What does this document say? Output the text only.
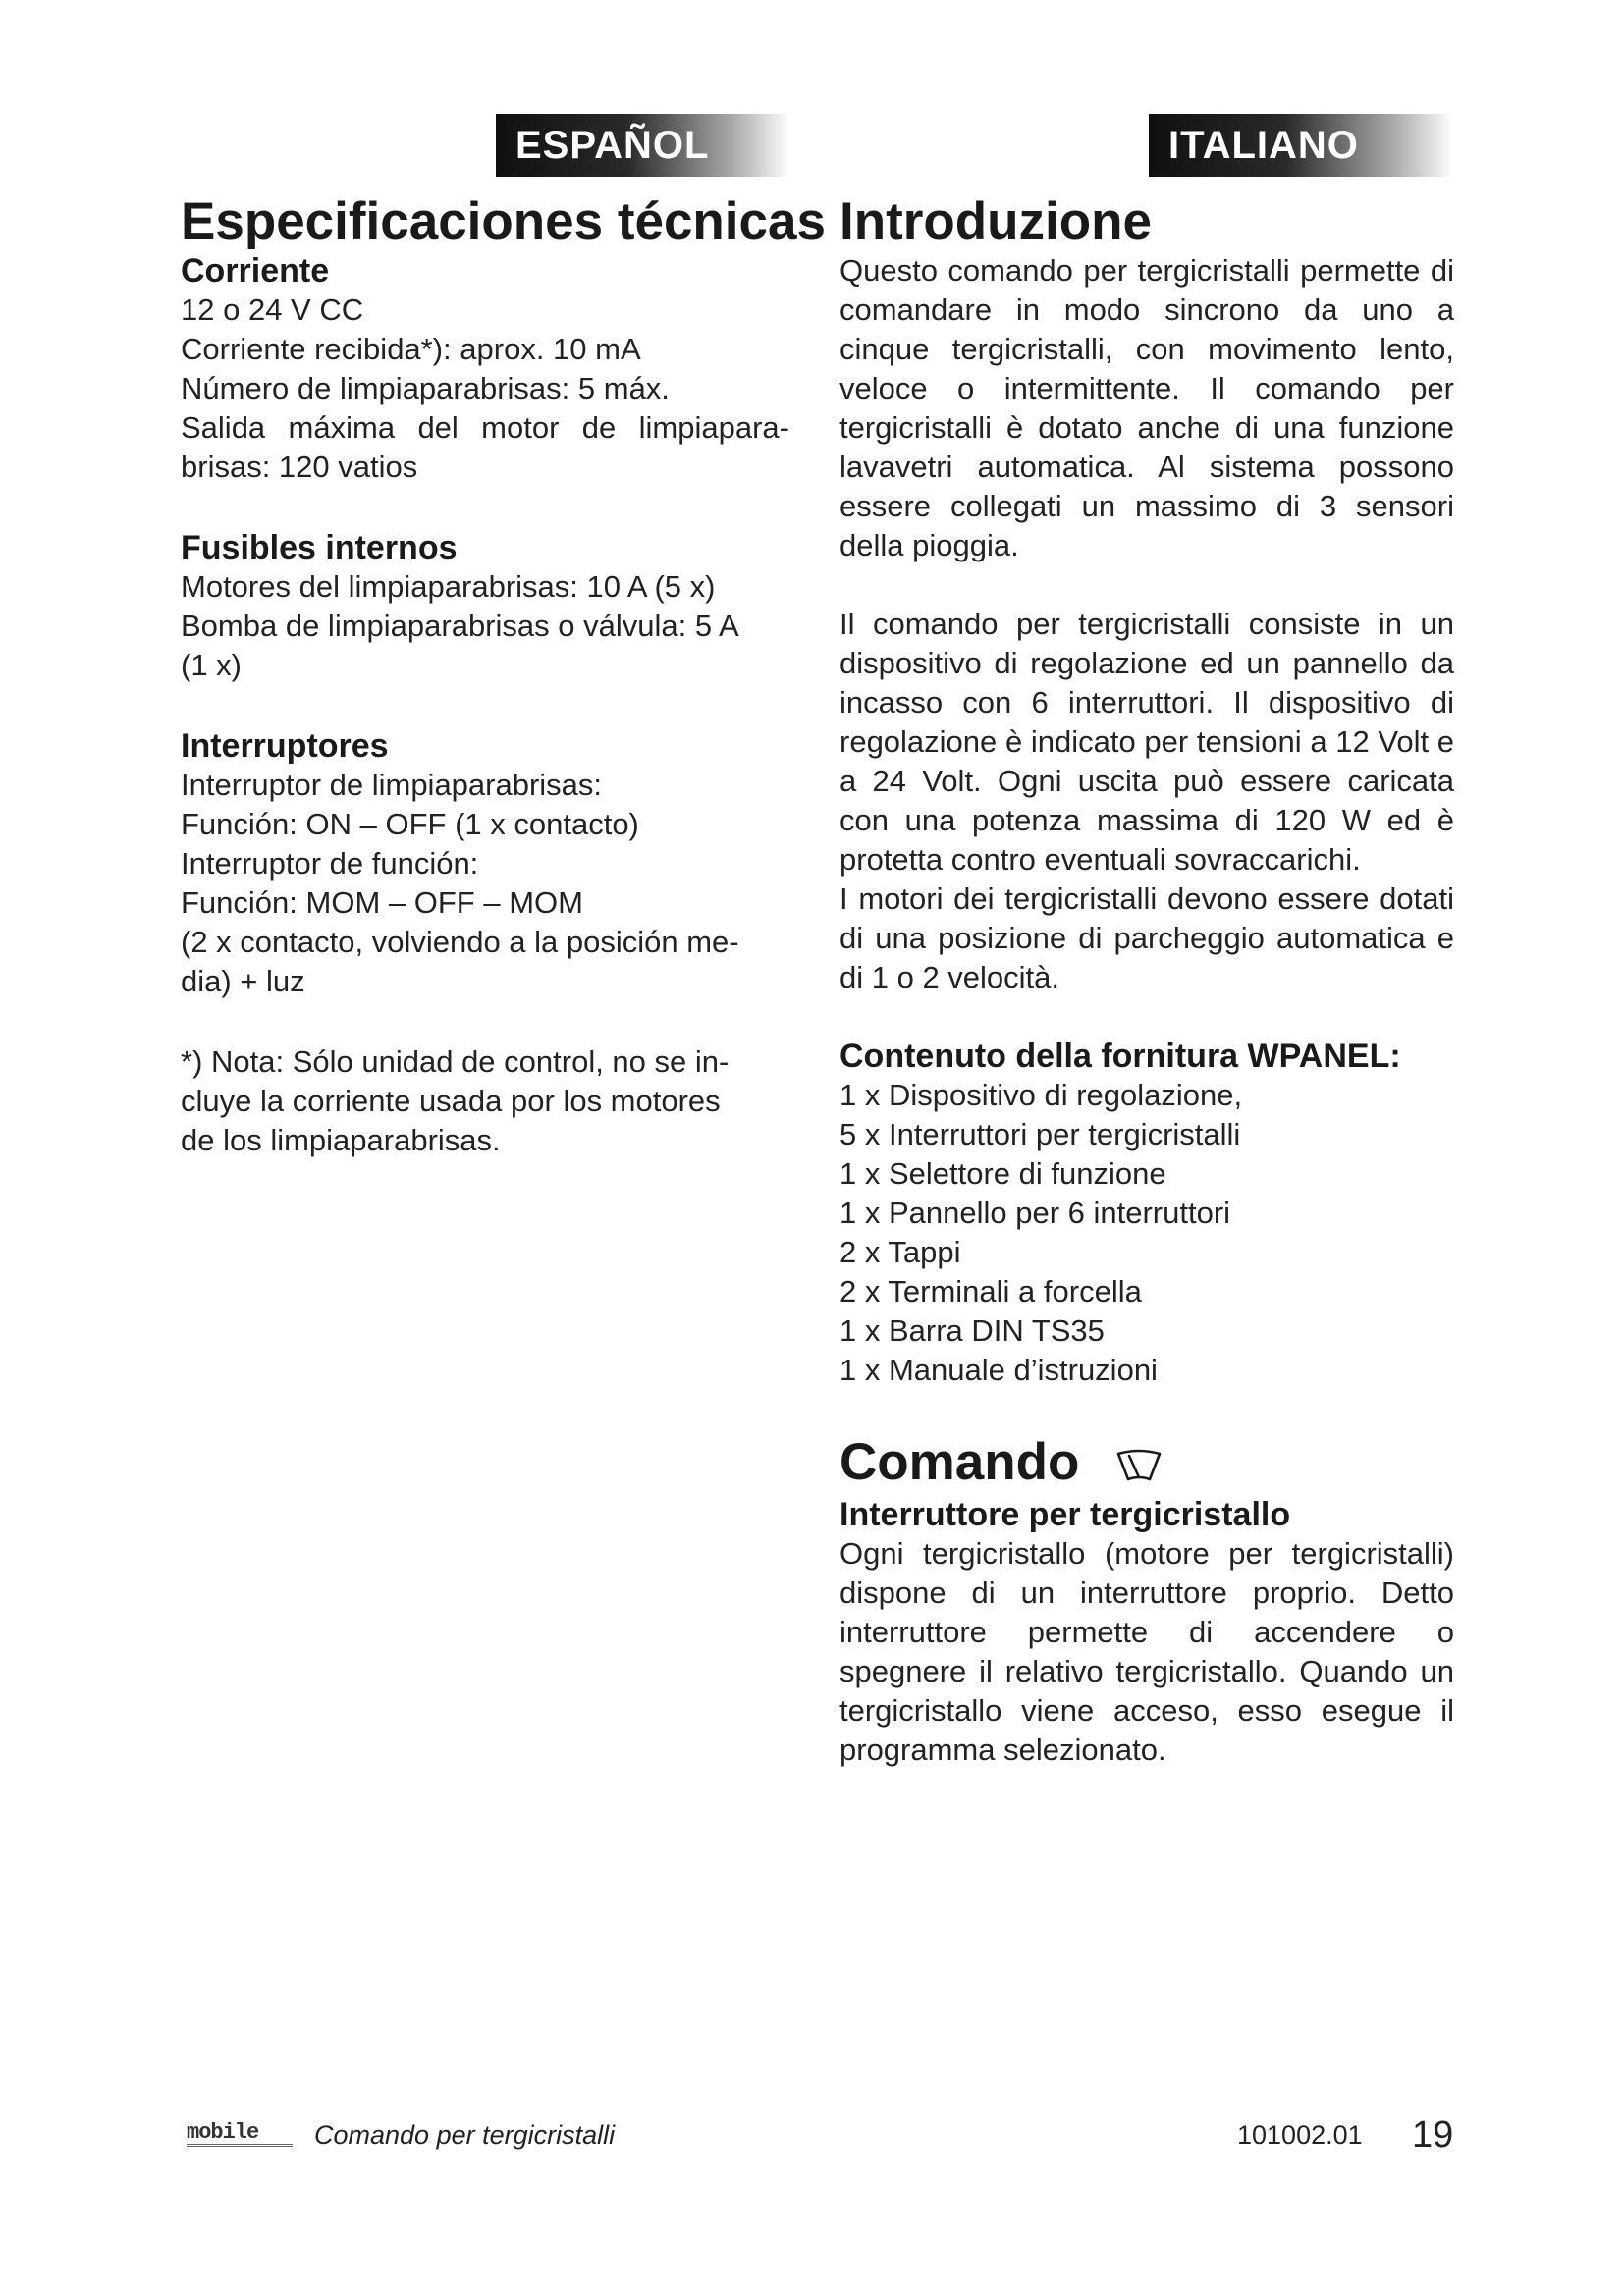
ESPAÑOL	ITALIANO
Especificaciones técnicas
Corriente
12 o 24 V CC
Corriente recibida*): aprox. 10 mA
Número de limpiaparabrisas: 5 máx.

Salida máxima del motor de limpiaparabrisas: 120 vatios

Fusibles internos
Motores del limpiaparabrisas: 10 A (5 x)
Bomba de limpiaparabrisas o válvula: 5 A
(1 x)
Interruptores
Interruptor de limpiaparabrisas:
Función: ON – OFF (1 x contacto)
Interruptor de función:
Función: MOM – OFF – MOM
(2 x contacto, volviendo a la posición me-
dia) + luz
*) Nota: Sólo unidad de control, no se in-
cluye la corriente usada por los motores
de los limpiaparabrisas.
Introduzione

Questo comando per tergicristalli permette di comandare in modo sincrono da uno a cinque tergicristalli, con movimento lento, veloce o intermittente. Il comando per tergicristalli è dotato anche di una funzione lavavetri automatica. Al sistema possono essere collegati un massimo di 3 sensori della pioggia.

Il comando per tergicristalli consiste in un dispositivo di regolazione ed un pannello da incasso con 6 interruttori. Il dispositivo di regolazione è indicato per tensioni a 12 Volt e a 24 Volt. Ogni uscita può essere caricata con una potenza massima di 120 W ed è protetta contro eventuali sovraccarichi.

I motori dei tergicristalli devono essere dotati di una posizione di parcheggio automatica e di 1 o 2 velocità.

Contenuto della fornitura WPANEL:
1 x Dispositivo di regolazione,
5 x Interruttori per tergicristalli
1 x Selettore di funzione
1 x Pannello per 6 interruttori
2 x Tappi
2 x Terminali a forcella
1 x Barra DIN TS35
1 x Manuale d’istruzioni
Comando
Interruttore per tergicristallo

Ogni tergicristallo (motore per tergicristalli) dispone di un interruttore proprio. Detto interruttore permette di accendere o spegnere il relativo tergicristallo. Quando un tergicristallo viene acceso, esso esegue il programma selezionato.

mobile	Comando per tergicristalli	101002.01 19
